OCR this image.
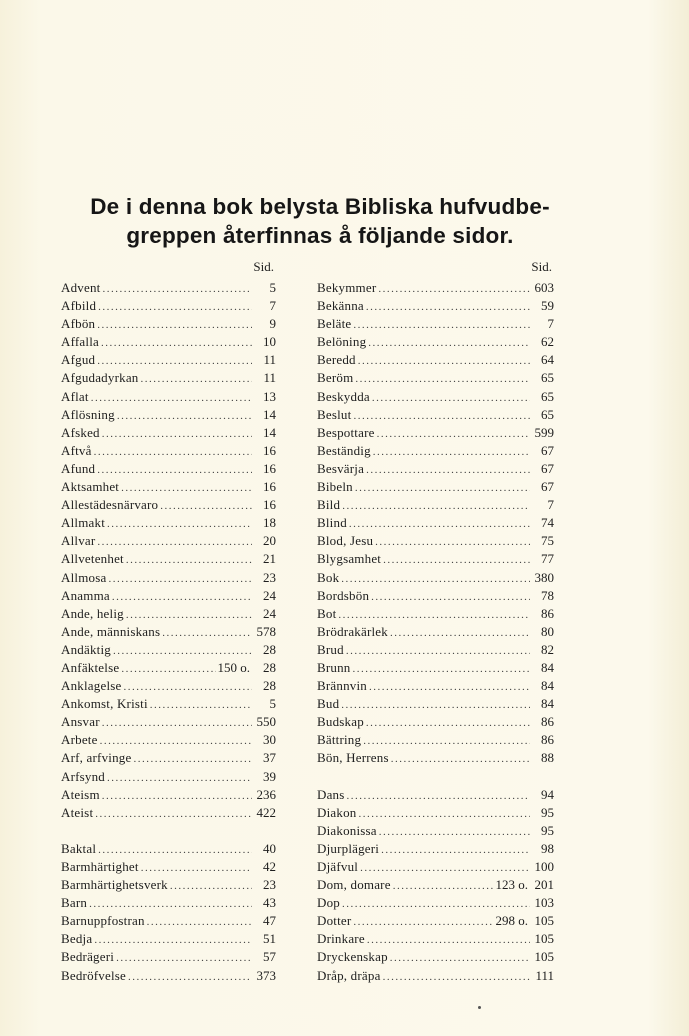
De i denna bok belysta Bibliska hufvudbe-
greppen återfinnas å följande sidor.
Sid.
Advent .....	5
Afbild .....	7
Afbön .....	9
Affalla .....	10
Afgud .....	11
Afgudadyrkan .....	11
Aflat .....	13
Aflösning .....	14
Afsked .....	14
Aftvå .....	16
Afund .....	16
Aktsamhet .....	16
Allestädesnärvaro .....	16
Allmakt .....	18
Allvar .....	20
Allvetenhet .....	21
Allmosa .....	23
Anamma .....	24
Ande, helig .....	24
Ande, människans .....	578
Andäktig .....	28
Anfäktelse .....	150 o.	28
Anklagelse .....	28
Ankomst, Kristi .....	5
Ansvar .....	550
Arbete .....	30
Arf, arfvinge .....	37
Arfsynd .....	39
Ateism .....	236
Ateist .....	422
Baktal .....	40
Barmhärtighet .....	42
Barmhärtighetsverk .....	23
Barn .....	43
Barnuppfostran .....	47
Bedja .....	51
Bedrägeri .....	57
Bedröfvelse .....	373
Sid.
Bekymmer .....	603
Bekänna .....	59
Beläte .....	7
Belöning .....	62
Beredd .....	64
Beröm .....	65
Beskydda .....	65
Beslut .....	65
Bespottare .....	599
Beständig .....	67
Besvärja .....	67
Bibeln .....	67
Bild .....	7
Blind .....	74
Blod, Jesu .....	75
Blygsamhet .....	77
Bok .....	380
Bordsbön .....	78
Bot .....	86
Brödrakärlek .....	80
Brud .....	82
Brunn .....	84
Brännvin .....	84
Bud .....	84
Budskap .....	86
Bättring .....	86
Bön, Herrens .....	88
Dans .....	94
Diakon .....	95
Diakonissa .....	95
Djurplägeri .....	98
Djäfvul .....	100
Dom, domare .....	123 o. 201
Dop .....	103
Dotter .....	298 o. 105
Drinkare .....	105
Dryckenskap .....	105
Dråp, dräpa .....	111
